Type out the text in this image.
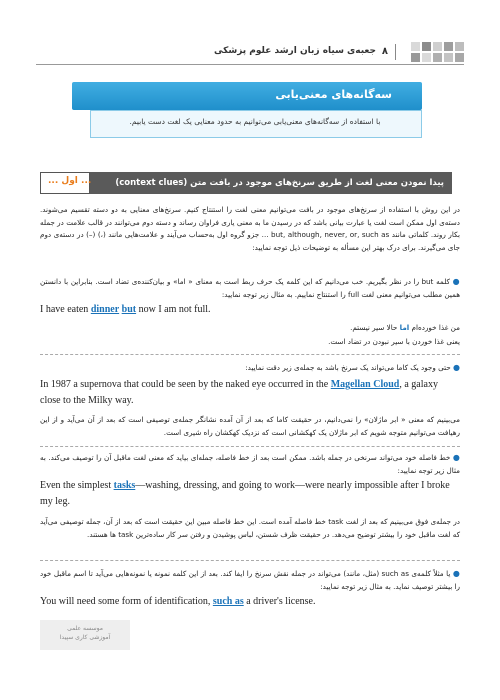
۸
جعبه‌ی سیاه زبان ارشد علوم پزشکی
سه‌گانه‌های معنی‌یابی
با استفاده از سه‌گانه‌های معنی‌یابی می‌توانیم به حدود معنایی یک لغت دست یابیم.
... اول ...	پیدا نمودن معنی لغت از طریق سرنخ‌های موجود در بافت متن (context clues)
در این روش با استفاده از سرنخ‌های موجود در بافت می‌توانیم معنی لغت را استنتاج کنیم. سرنخ‌های معنایی به دو دسته تقسیم می‌شوند. دسته‌ی اول ممکن است لغت یا عبارت بیانی باشد که در رسیدن ما به معنی یاری فراوان رساند و دسته دوم می‌توانند در قالب علامت در جمله بکار روند. کلماتی مانند but, although, never, or, such as ... جزو گروه اول به‌حساب می‌آیند و علامت‌هایی مانند (،) (–) در دسته‌ی دوم جای می‌گیرند. برای درک بهتر این مسأله به توضیحات ذیل توجه نمایید:
● کلمه but را در نظر بگیریم. خب می‌دانیم که این کلمه یک حرف ربط است به معنای « اما» و بیان‌کننده‌ی تضاد است. بنابراین با دانستن همین مطلب می‌توانیم معنی لغت full را استنتاج نماییم. به مثال زیر توجه نمایید:
I have eaten dinner but now I am not full.
من غذا خورده‌ام اما حالا سیر نیستم.
یعنی غذا خوردن با سیر نبودن در تضاد است.
● حتی وجود یک کاما می‌تواند یک سرنخ باشد به جمله‌ی زیر دقت نمایید:
In 1987 a supernova that could be seen by the naked eye occurred in the Magellan Cloud, a galaxy close to the Milky way.
می‌بینیم که معنی « ابر ماژلان» را نمی‌دانیم، در حقیقت کاما که بعد از آن آمده نشانگر جمله‌ی توصیفی است که بعد از آن می‌آید و از این رهیافت می‌توانیم متوجه شویم که ابر ماژلان یک کهکشانی است که نزدیک کهکشان راه شیری است.
● خط فاصله خود می‌تواند سرنخی در جمله باشد. ممکن است بعد از خط فاصله، جمله‌ای بیاید که معنی لغت ماقبل آن را توصیف می‌کند. به مثال زیر توجه نمایید:
Even the simplest tasks—washing, dressing, and going to work—were nearly impossible after I broke my leg.
در جمله‌ی فوق می‌بینیم که بعد از لغت task خط فاصله آمده است. این خط فاصله مبین این حقیقت است که بعد از آن، جمله توصیفی می‌آید که لغت ماقبل خود را بیشتر توضیح می‌دهد. در حقیقت ظرف شستن، لباس پوشیدن و رفتن سر کار ساده‌ترین task ها هستند.
● یا مثلاً کلمه‌ی such as (مثل، مانند) می‌تواند در جمله نقش سرنخ را ایفا کند. بعد از این کلمه نمونه یا نمونه‌هایی می‌آید تا اسم ماقبل خود را بیشتر توصیف نماید. به مثال زیر توجه نمایید:
You will need some form of identification, such as a driver's license.
موسسه علمی
آموزشی کاری سپیدا
